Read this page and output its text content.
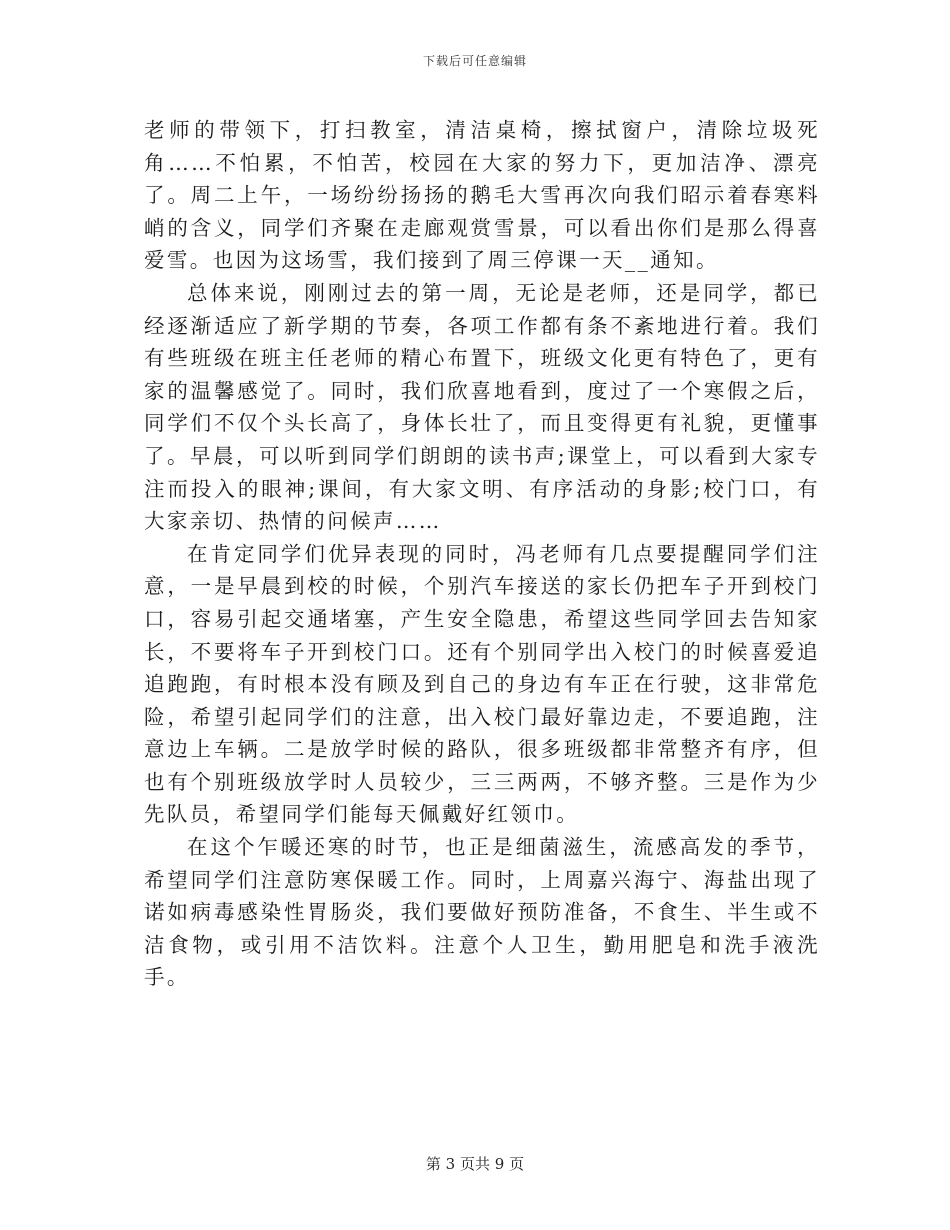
下载后可任意编辑

老师的带领下，打扫教室，清洁桌椅，擦拭窗户，清除垃圾死角……不怕累，不怕苦，校园在大家的努力下，更加洁净、漂亮了。周二上午，一场纷纷扬扬的鹅毛大雪再次向我们昭示着春寒料峭的含义，同学们齐聚在走廊观赏雪景，可以看出你们是那么得喜爱雪。也因为这场雪，我们接到了周三停课一天__通知。

总体来说，刚刚过去的第一周，无论是老师，还是同学，都已经逐渐适应了新学期的节奏，各项工作都有条不紊地进行着。我们有些班级在班主任老师的精心布置下，班级文化更有特色了，更有家的温馨感觉了。同时，我们欣喜地看到，度过了一个寒假之后，同学们不仅个头长高了，身体长壮了，而且变得更有礼貌，更懂事了。早晨，可以听到同学们朗朗的读书声;课堂上，可以看到大家专注而投入的眼神;课间，有大家文明、有序活动的身影;校门口，有大家亲切、热情的问候声……

在肯定同学们优异表现的同时，冯老师有几点要提醒同学们注意，一是早晨到校的时候，个别汽车接送的家长仍把车子开到校门口，容易引起交通堵塞，产生安全隐患，希望这些同学回去告知家长，不要将车子开到校门口。还有个别同学出入校门的时候喜爱追追跑跑，有时根本没有顾及到自己的身边有车正在行驶，这非常危险，希望引起同学们的注意，出入校门最好靠边走，不要追跑，注意边上车辆。二是放学时候的路队，很多班级都非常整齐有序，但也有个别班级放学时人员较少，三三两两，不够齐整。三是作为少先队员，希望同学们能每天佩戴好红领巾。

在这个乍暖还寒的时节，也正是细菌滋生，流感高发的季节，希望同学们注意防寒保暖工作。同时，上周嘉兴海宁、海盐出现了诺如病毒感染性胃肠炎，我们要做好预防准备，不食生、半生或不洁食物，或引用不洁饮料。注意个人卫生，勤用肥皂和洗手液洗手。

第 3 页共 9 页
